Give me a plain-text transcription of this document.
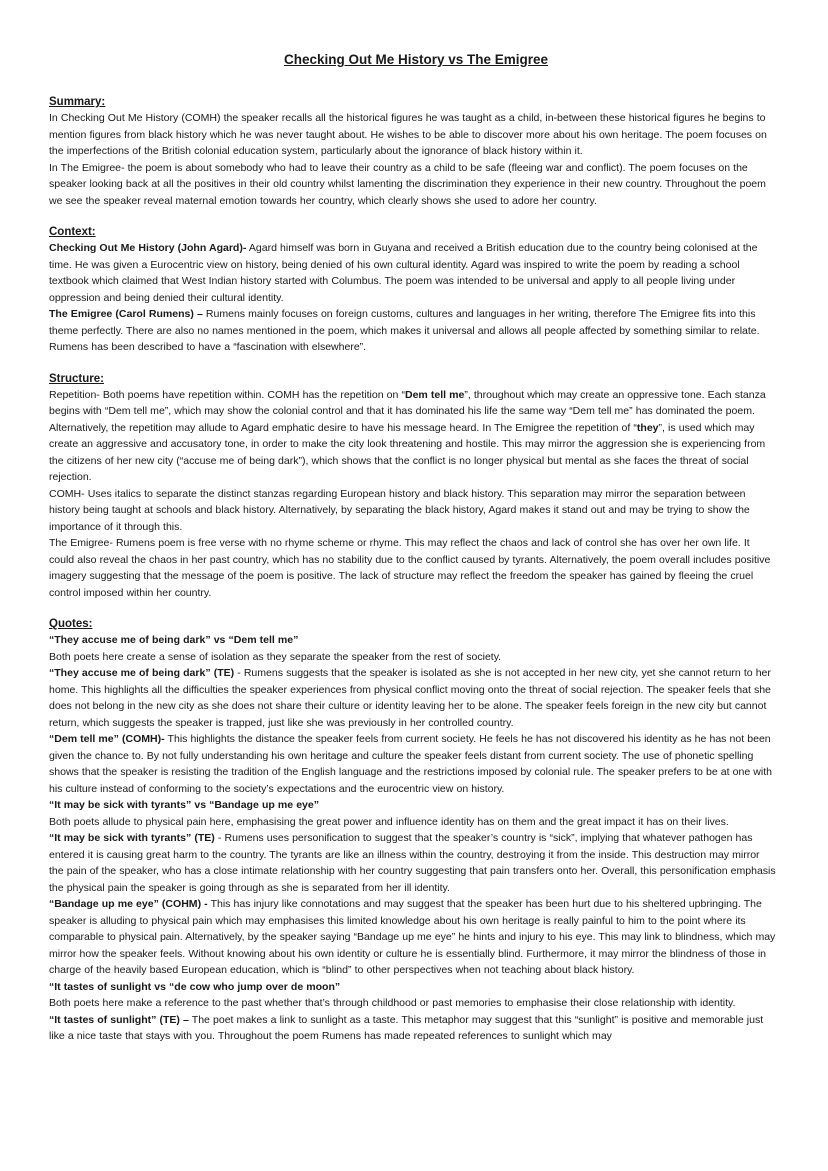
Checking Out Me History vs The Emigree
Summary:

In Checking Out Me History (COMH) the speaker recalls all the historical figures he was taught as a child, in-between these historical figures he begins to mention figures from black history which he was never taught about. He wishes to be able to discover more about his own heritage. The poem focuses on the imperfections of the British colonial education system, particularly about the ignorance of black history within it.

In The Emigree- the poem is about somebody who had to leave their country as a child to be safe (fleeing war and conflict). The poem focuses on the speaker looking back at all the positives in their old country whilst lamenting the discrimination they experience in their new country. Throughout the poem we see the speaker reveal maternal emotion towards her country, which clearly shows she used to adore her country.

Context:

Checking Out Me History (John Agard)- Agard himself was born in Guyana and received a British education due to the country being colonised at the time. He was given a Eurocentric view on history, being denied of his own cultural identity. Agard was inspired to write the poem by reading a school textbook which claimed that West Indian history started with Columbus. The poem was intended to be universal and apply to all people living under oppression and being denied their cultural identity.

The Emigree (Carol Rumens) – Rumens mainly focuses on foreign customs, cultures and languages in her writing, therefore The Emigree fits into this theme perfectly. There are also no names mentioned in the poem, which makes it universal and allows all people affected by something similar to relate. Rumens has been described to have a “fascination with elsewhere”.

Structure:

Repetition- Both poems have repetition within. COMH has the repetition on “Dem tell me”, throughout which may create an oppressive tone. Each stanza begins with “Dem tell me”, which may show the colonial control and that it has dominated his life the same way “Dem tell me” has dominated the poem. Alternatively, the repetition may allude to Agard emphatic desire to have his message heard. In The Emigree the repetition of “they”, is used which may create an aggressive and accusatory tone, in order to make the city look threatening and hostile. This may mirror the aggression she is experiencing from the citizens of her new city (“accuse me of being dark”), which shows that the conflict is no longer physical but mental as she faces the threat of social rejection.

COMH- Uses italics to separate the distinct stanzas regarding European history and black history. This separation may mirror the separation between history being taught at schools and black history. Alternatively, by separating the black history, Agard makes it stand out and may be trying to show the importance of it through this.

The Emigree- Rumens poem is free verse with no rhyme scheme or rhyme. This may reflect the chaos and lack of control she has over her own life. It could also reveal the chaos in her past country, which has no stability due to the conflict caused by tyrants. Alternatively, the poem overall includes positive imagery suggesting that the message of the poem is positive. The lack of structure may reflect the freedom the speaker has gained by fleeing the cruel control imposed within her country.

Quotes:

“They accuse me of being dark” vs “Dem tell me”

Both poets here create a sense of isolation as they separate the speaker from the rest of society.

“They accuse me of being dark” (TE) - Rumens suggests that the speaker is isolated as she is not accepted in her new city, yet she cannot return to her home. This highlights all the difficulties the speaker experiences from physical conflict moving onto the threat of social rejection. The speaker feels that she does not belong in the new city as she does not share their culture or identity leaving her to be alone. The speaker feels foreign in the new city but cannot return, which suggests the speaker is trapped, just like she was previously in her controlled country.

“Dem tell me” (COMH)- This highlights the distance the speaker feels from current society. He feels he has not discovered his identity as he has not been given the chance to. By not fully understanding his own heritage and culture the speaker feels distant from current society. The use of phonetic spelling shows that the speaker is resisting the tradition of the English language and the restrictions imposed by colonial rule. The speaker prefers to be at one with his culture instead of conforming to the society’s expectations and the eurocentric view on history.

“It may be sick with tyrants” vs “Bandage up me eye”

Both poets allude to physical pain here, emphasising the great power and influence identity has on them and the great impact it has on their lives.

“It may be sick with tyrants” (TE) - Rumens uses personification to suggest that the speaker’s country is “sick”, implying that whatever pathogen has entered it is causing great harm to the country. The tyrants are like an illness within the country, destroying it from the inside. This destruction may mirror the pain of the speaker, who has a close intimate relationship with her country suggesting that pain transfers onto her. Overall, this personification emphasis the physical pain the speaker is going through as she is separated from her ill identity.

“Bandage up me eye” (COHM) - This has injury like connotations and may suggest that the speaker has been hurt due to his sheltered upbringing. The speaker is alluding to physical pain which may emphasises this limited knowledge about his own heritage is really painful to him to the point where its comparable to physical pain. Alternatively, by the speaker saying “Bandage up me eye” he hints and injury to his eye. This may link to blindness, which may mirror how the speaker feels. Without knowing about his own identity or culture he is essentially blind. Furthermore, it may mirror the blindness of those in charge of the heavily based European education, which is “blind” to other perspectives when not teaching about black history.

“It tastes of sunlight vs “de cow who jump over de moon”

Both poets here make a reference to the past whether that’s through childhood or past memories to emphasise their close relationship with identity.

“It tastes of sunlight” (TE) – The poet makes a link to sunlight as a taste. This metaphor may suggest that this “sunlight” is positive and memorable just like a nice taste that stays with you. Throughout the poem Rumens has made repeated references to sunlight which may
